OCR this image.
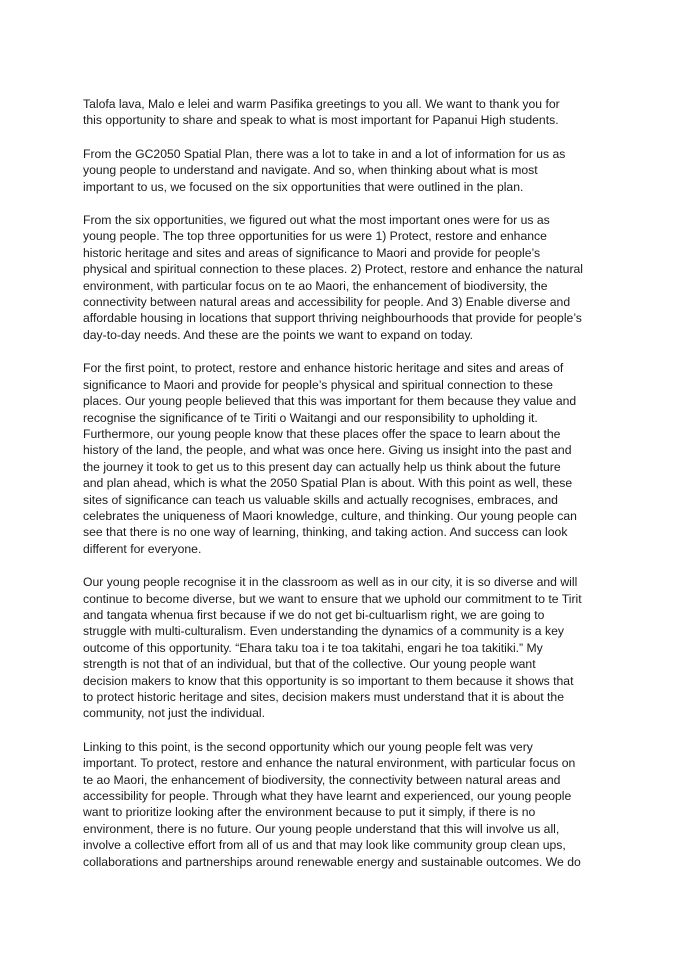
Talofa lava, Malo e lelei and warm Pasifika greetings to you all. We want to thank you for
this opportunity to share and speak to what is most important for Papanui High students.

From the GC2050 Spatial Plan, there was a lot to take in and a lot of information for us as
young people to understand and navigate. And so, when thinking about what is most
important to us, we focused on the six opportunities that were outlined in the plan.

From the six opportunities, we figured out what the most important ones were for us as
young people. The top three opportunities for us were 1) Protect, restore and enhance
historic heritage and sites and areas of significance to Maori and provide for people’s
physical and spiritual connection to these places. 2) Protect, restore and enhance the natural
environment, with particular focus on te ao Maori, the enhancement of biodiversity, the
connectivity between natural areas and accessibility for people. And 3) Enable diverse and
affordable housing in locations that support thriving neighbourhoods that provide for people’s
day-to-day needs. And these are the points we want to expand on today.

For the first point, to protect, restore and enhance historic heritage and sites and areas of
significance to Maori and provide for people’s physical and spiritual connection to these
places. Our young people believed that this was important for them because they value and
recognise the significance of te Tiriti o Waitangi and our responsibility to upholding it.
Furthermore, our young people know that these places offer the space to learn about the
history of the land, the people, and what was once here. Giving us insight into the past and
the journey it took to get us to this present day can actually help us think about the future
and plan ahead, which is what the 2050 Spatial Plan is about. With this point as well, these
sites of significance can teach us valuable skills and actually recognises, embraces, and
celebrates the uniqueness of Maori knowledge, culture, and thinking. Our young people can
see that there is no one way of learning, thinking, and taking action. And success can look
different for everyone.

Our young people recognise it in the classroom as well as in our city, it is so diverse and will
continue to become diverse, but we want to ensure that we uphold our commitment to te Tirit
and tangata whenua first because if we do not get bi-cultuarlism right, we are going to
struggle with multi-culturalism. Even understanding the dynamics of a community is a key
outcome of this opportunity. “Ehara taku toa i te toa takitahi, engari he toa takitiki.” My
strength is not that of an individual, but that of the collective. Our young people want
decision makers to know that this opportunity is so important to them because it shows that
to protect historic heritage and sites, decision makers must understand that it is about the
community, not just the individual.

Linking to this point, is the second opportunity which our young people felt was very
important. To protect, restore and enhance the natural environment, with particular focus on
te ao Maori, the enhancement of biodiversity, the connectivity between natural areas and
accessibility for people. Through what they have learnt and experienced, our young people
want to prioritize looking after the environment because to put it simply, if there is no
environment, there is no future. Our young people understand that this will involve us all,
involve a collective effort from all of us and that may look like community group clean ups,
collaborations and partnerships around renewable energy and sustainable outcomes. We do
